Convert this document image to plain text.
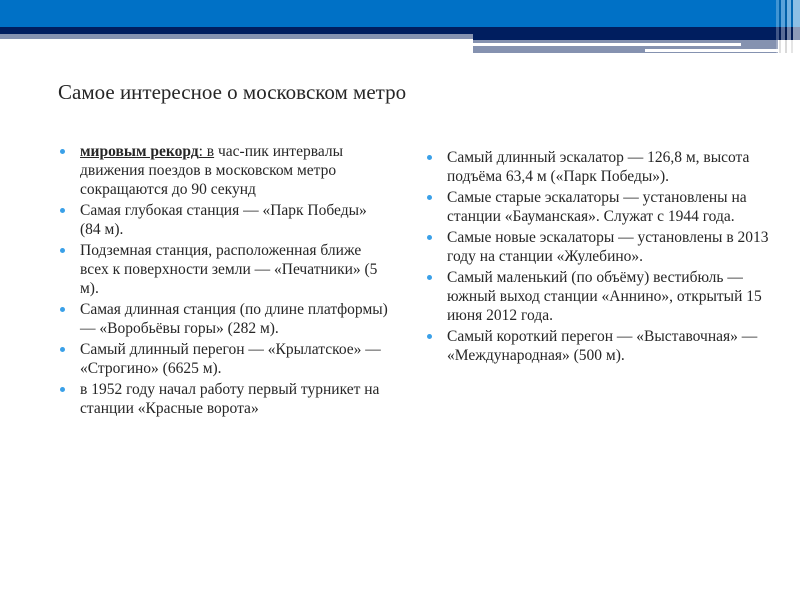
Самое интересное о московском метро
мировым рекорд: в час-пик интервалы движения поездов в московском метро сокращаются до 90 секунд
Самая глубокая станция — «Парк Победы» (84 м).
Подземная станция, расположенная ближе всех к поверхности земли — «Печатники» (5 м).
Самая длинная станция (по длине платформы) — «Воробьёвы горы» (282 м).
Самый длинный перегон — «Крылатское» — «Строгино» (6625 м).
в 1952 году начал работу первый турникет на станции «Красные ворота»
Самый длинный эскалатор — 126,8 м, высота подъёма 63,4 м («Парк Победы»).
Самые старые эскалаторы — установлены на станции «Бауманская». Служат с 1944 года.
Самые новые эскалаторы — установлены в 2013 году на станции «Жулебино».
Самый маленький (по объёму) вестибюль — южный выход станции «Аннино», открытый 15 июня 2012 года.
Самый короткий перегон — «Выставочная» — «Международная» (500 м).
